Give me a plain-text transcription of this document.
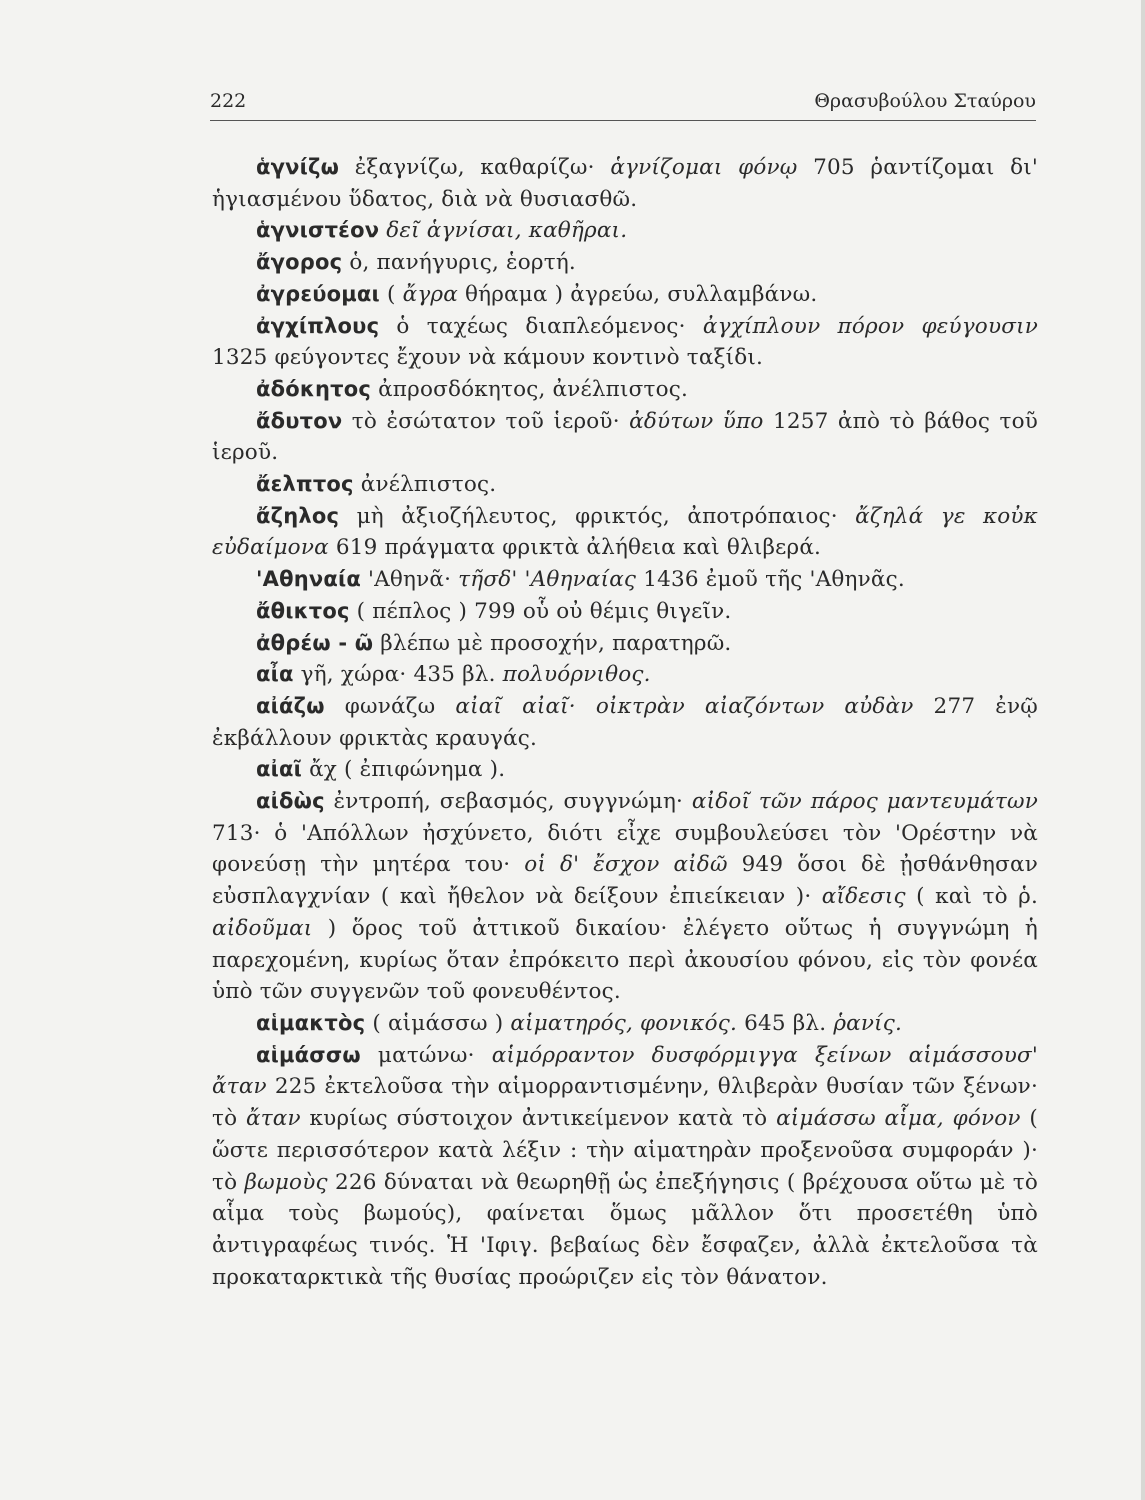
222	Θρασυβούλου Σταύρου

ἁγνίζω ἐξαγνίζω, καθαρίζω· ἁγνίζομαι φόνῳ 705 ῥαντίζομαι δι' ἡγιασμένου ὕδατος, διὰ νὰ θυσιασθῶ.

ἁγνιστέον δεῖ ἁγνίσαι, καθῆραι.

ἄγορος ὁ, πανήγυρις, ἑορτή.

ἀγρεύομαι ( ἄγρα θήραμα ) ἀγρεύω, συλλαμβάνω.

ἀγχίπλους ὁ ταχέως διαπλεόμενος· ἀγχίπλουν πόρον φεύγουσιν 1325 φεύγοντες ἔχουν νὰ κάμουν κοντινὸ ταξίδι.

ἀδόκητος ἀπροσδόκητος, ἀνέλπιστος.

ἄδυτον τὸ ἐσώτατον τοῦ ἱεροῦ· ἀδύτων ὕπο 1257 ἀπὸ τὸ βάθος τοῦ ἱεροῦ.

ἄελπτος ἀνέλπιστος.

ἄζηλος μὴ ἀξιοζήλευτος, φρικτός, ἀποτρόπαιος· ἄζηλά γε κοὐκ εὐδαίμονα 619 πράγματα φρικτὰ ἀλήθεια καὶ θλιβερά.

'Αθηναία 'Αθηνᾶ· τῆσδ' 'Αθηναίας 1436 ἐμοῦ τῆς 'Αθηνᾶς.

ἄθικτος ( πέπλος ) 799 οὗ οὐ θέμις θιγεῖν.

ἀθρέω - ῶ βλέπω μὲ προσοχήν, παρατηρῶ.

αἶα γῆ, χώρα· 435 βλ. πολυόρνιθος.

αἰάζω φωνάζω αἰαῖ αἰαῖ· οἰκτρὰν αἰαζόντων αὐδὰν 277 ἐνῷ ἐκβάλλουν φρικτὰς κραυγάς.

αἰαῖ ἄχ ( ἐπιφώνημα ).

αἰδὼς ἐντροπή, σεβασμός, συγγνώμη· αἰδοῖ τῶν πάρος μαντευμάτων 713· ὁ 'Απόλλων ἠσχύνετο, διότι εἶχε συμβουλεύσει τὸν 'Ορέστην νὰ φονεύσῃ τὴν μητέρα του· οἱ δ' ἔσχον αἰδῶ 949 ὅσοι δὲ ᾐσθάνθησαν εὐσπλαγχνίαν ( καὶ ἤθελον νὰ δείξουν ἐπιείκειαν )· αἴδεσις ( καὶ τὸ ῥ. αἰδοῦμαι ) ὅρος τοῦ ἀττικοῦ δικαίου· ἐλέγετο οὕτως ἡ συγγνώμη ἡ παρεχομένη, κυρίως ὅταν ἐπρόκειτο περὶ ἀκουσίου φόνου, εἰς τὸν φονέα ὑπὸ τῶν συγγενῶν τοῦ φονευθέντος.

αἱμακτὸς ( αἱμάσσω ) αἱματηρός, φονικός. 645 βλ. ῥανίς.

αἱμάσσω ματώνω· αἱμόρραντον δυσφόρμιγγα ξείνων αἱμάσσουσ' ἄταν 225 ἐκτελοῦσα τὴν αἱμορραντισμένην, θλιβερὰν θυσίαν τῶν ξένων· τὸ ἄταν κυρίως σύστοιχον ἀντικείμενον κατὰ τὸ αἱμάσσω αἷμα, φόνον ( ὥστε περισσότερον κατὰ λέξιν : τὴν αἱματηρὰν προξενοῦσα συμφοράν )· τὸ βωμοὺς 226 δύναται νὰ θεωρηθῇ ὡς ἐπεξήγησις ( βρέχουσα οὕτω μὲ τὸ αἷμα τοὺς βωμούς), φαίνεται ὅμως μᾶλλον ὅτι προσετέθη ὑπὸ ἀντιγραφέως τινός. Ἡ 'Ιφιγ. βεβαίως δὲν ἔσφαζεν, ἀλλὰ ἐκτελοῦσα τὰ προκαταρκτικὰ τῆς θυσίας προώριζεν εἰς τὸν θάνατον.
